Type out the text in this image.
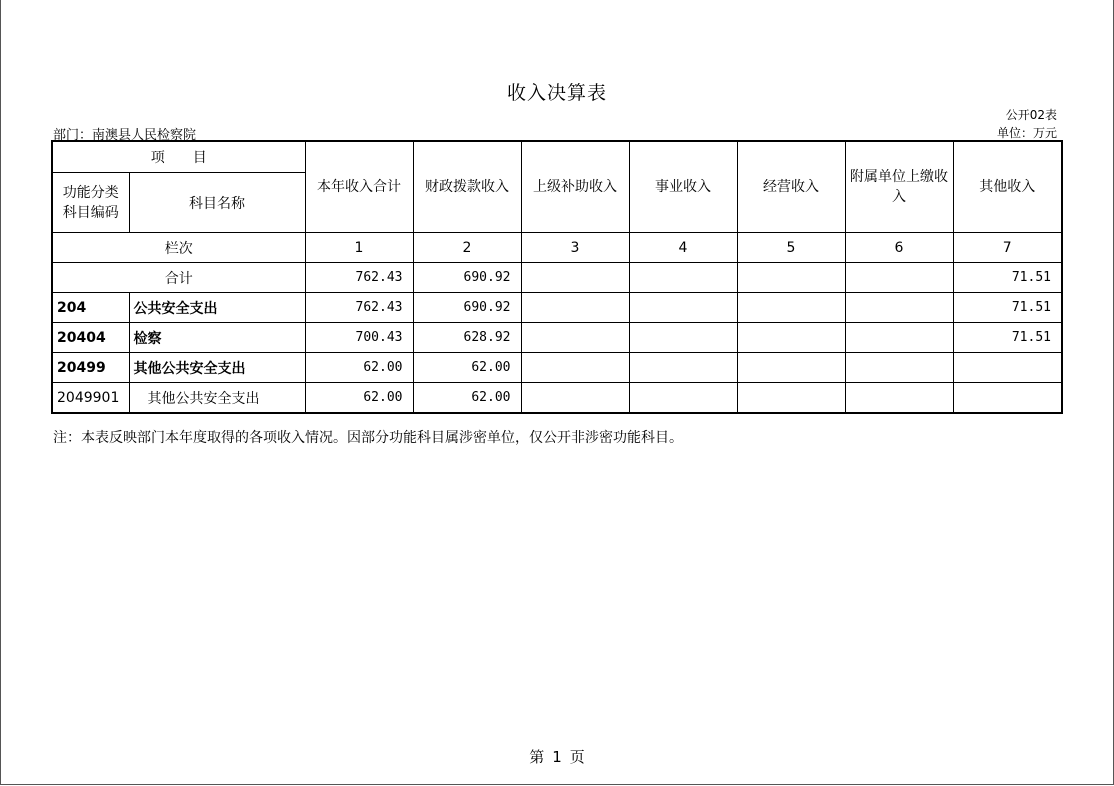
收入决算表
公开02表
部门：南澳县人民检察院	单位：万元
项　　目		本年收入合计	财政拨款收入	上级补助收入	事业收入	经营收入	附属单位上缴收入	其他收入
功能分类科目编码	科目名称							
栏次		1	2	3	4	5	6	7
合计		762.43	690.92					71.51
204	公共安全支出	762.43	690.92					71.51
20404	检察	700.43	628.92					71.51
20499	其他公共安全支出	62.00	62.00					
2049901	其他公共安全支出	62.00	62.00					
注：本表反映部门本年度取得的各项收入情况。因部分功能科目属涉密单位，仅公开非涉密功能科目。
第 1 页
